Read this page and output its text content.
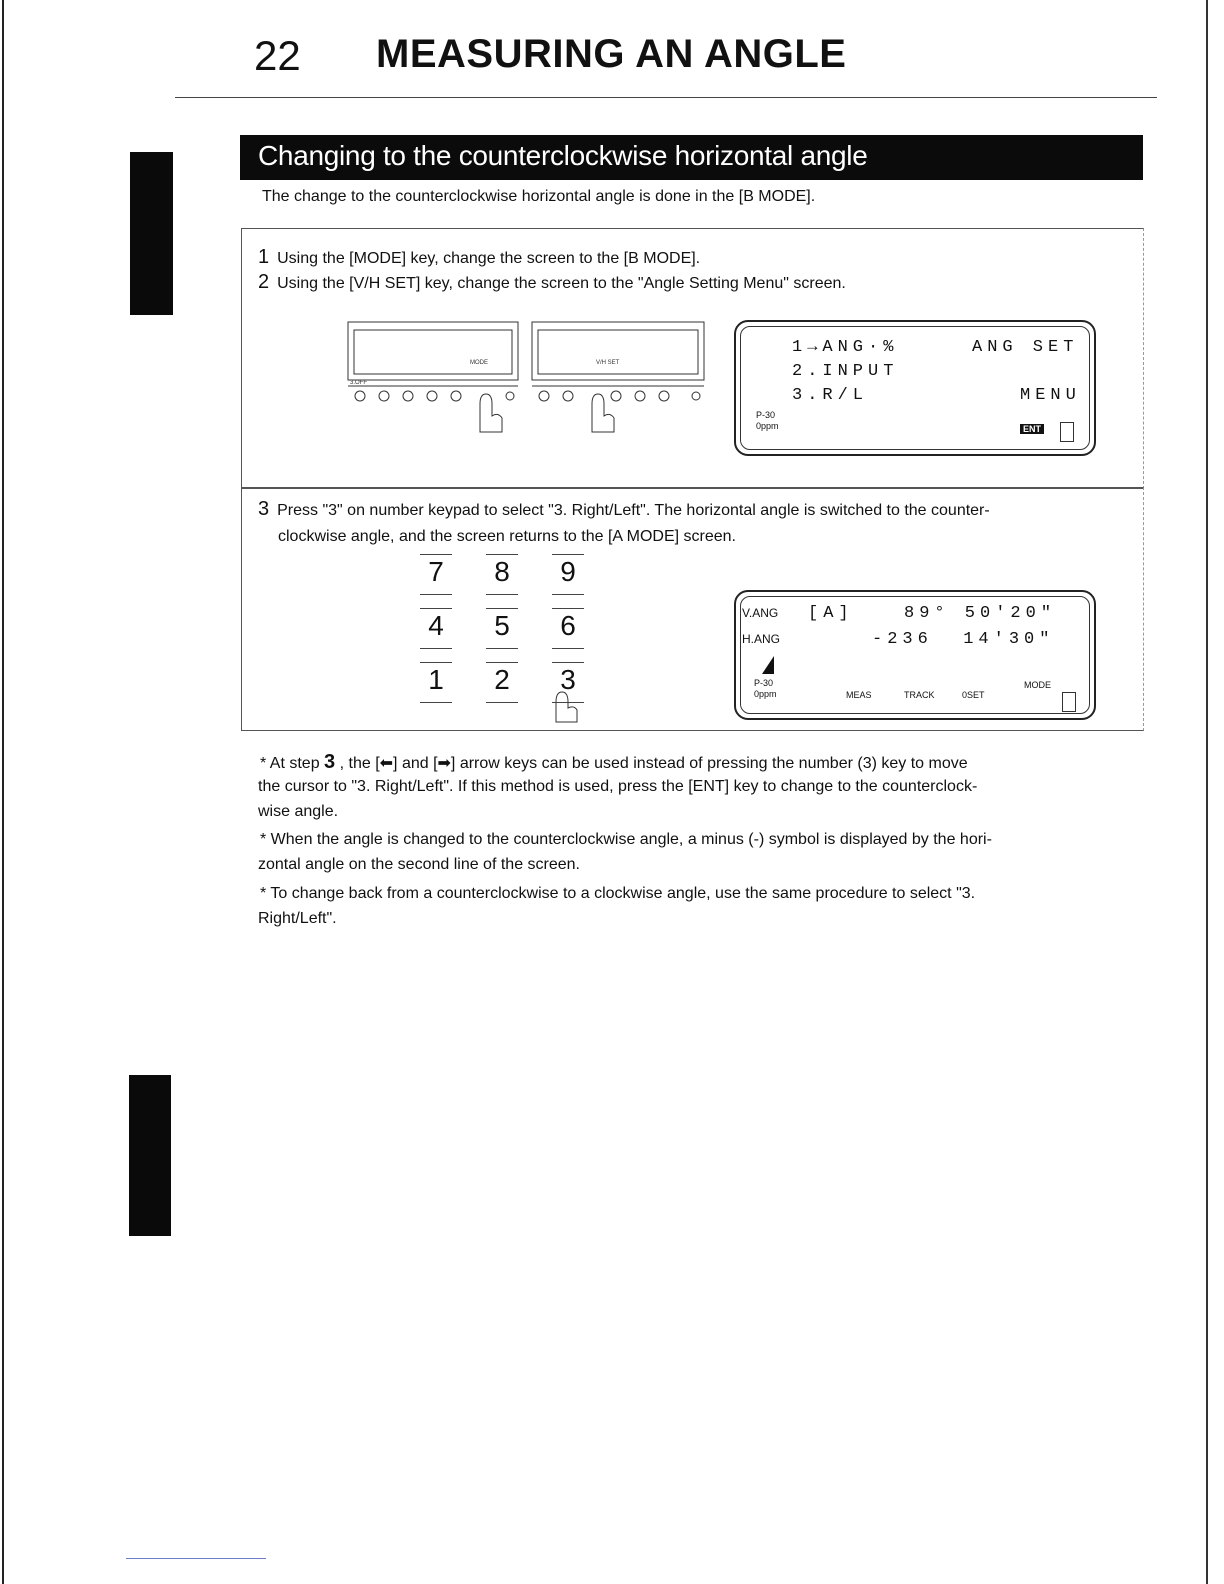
22 MEASURING AN ANGLE
Changing to the counterclockwise horizontal angle
The change to the counterclockwise horizontal angle is done in the [B MODE].
1 Using the [MODE] key, change the screen to the [B MODE].
2 Using the [V/H SET] key, change the screen to the "Angle Setting Menu" screen.
MODE	V/H SET
3.OFF
1→ANG·%	ANG SET
2.INPUT
3.R/L	MENU
P-30
0ppm	ENT
3 Press "3" on number keypad to select "3. Right/Left". The horizontal angle is switched to the counter-
clockwise angle, and the screen returns to the [A MODE] screen.
7	8	9
4	5	6
1	2	3
V.ANG
H.ANG
[A]	89° 50'20"
-236  14'30"
P-30
0ppm	MEAS	TRACK	0SET
MODE
* At step 3 , the [⬅] and [➡] arrow keys can be used instead of pressing the number (3) key to move
the cursor to "3. Right/Left". If this method is used, press the [ENT] key to change to the counterclock-
wise angle.
* When the angle is changed to the counterclockwise angle, a minus (-) symbol is displayed by the hori-
zontal angle on the second line of the screen.
* To change back from a counterclockwise to a clockwise angle, use the same procedure to select "3.
Right/Left".
